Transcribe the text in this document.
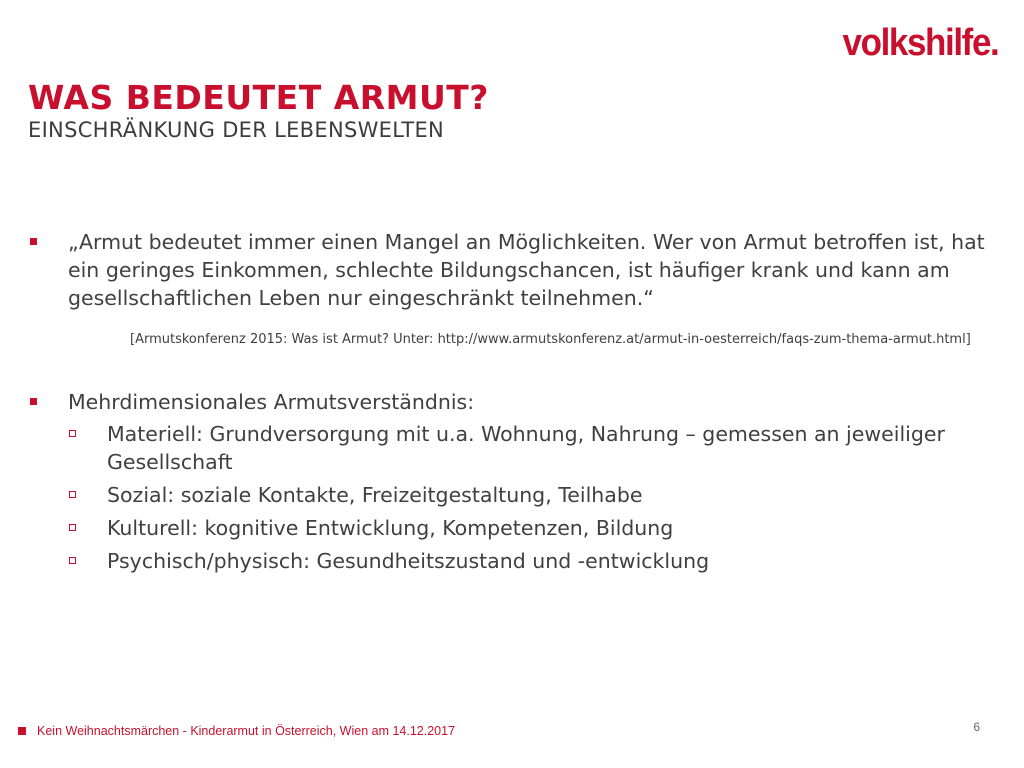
volkshilfe.
WAS BEDEUTET ARMUT?
EINSCHRÄNKUNG DER LEBENSWELTEN
„Armut bedeutet immer einen Mangel an Möglichkeiten. Wer von Armut betroffen ist, hat ein geringes Einkommen, schlechte Bildungschancen, ist häufiger krank und kann am gesellschaftlichen Leben nur eingeschränkt teilnehmen.“
[Armutskonferenz 2015: Was ist Armut? Unter: http://www.armutskonferenz.at/armut-in-oesterreich/faqs-zum-thema-armut.html]
Mehrdimensionales Armutsverständnis:
Materiell: Grundversorgung mit u.a. Wohnung, Nahrung – gemessen an jeweiliger Gesellschaft
Sozial: soziale Kontakte, Freizeitgestaltung, Teilhabe
Kulturell: kognitive Entwicklung, Kompetenzen, Bildung
Psychisch/physisch: Gesundheitszustand und -entwicklung
Kein Weihnachtsmärchen - Kinderarmut in Österreich, Wien am 14.12.2017	6
